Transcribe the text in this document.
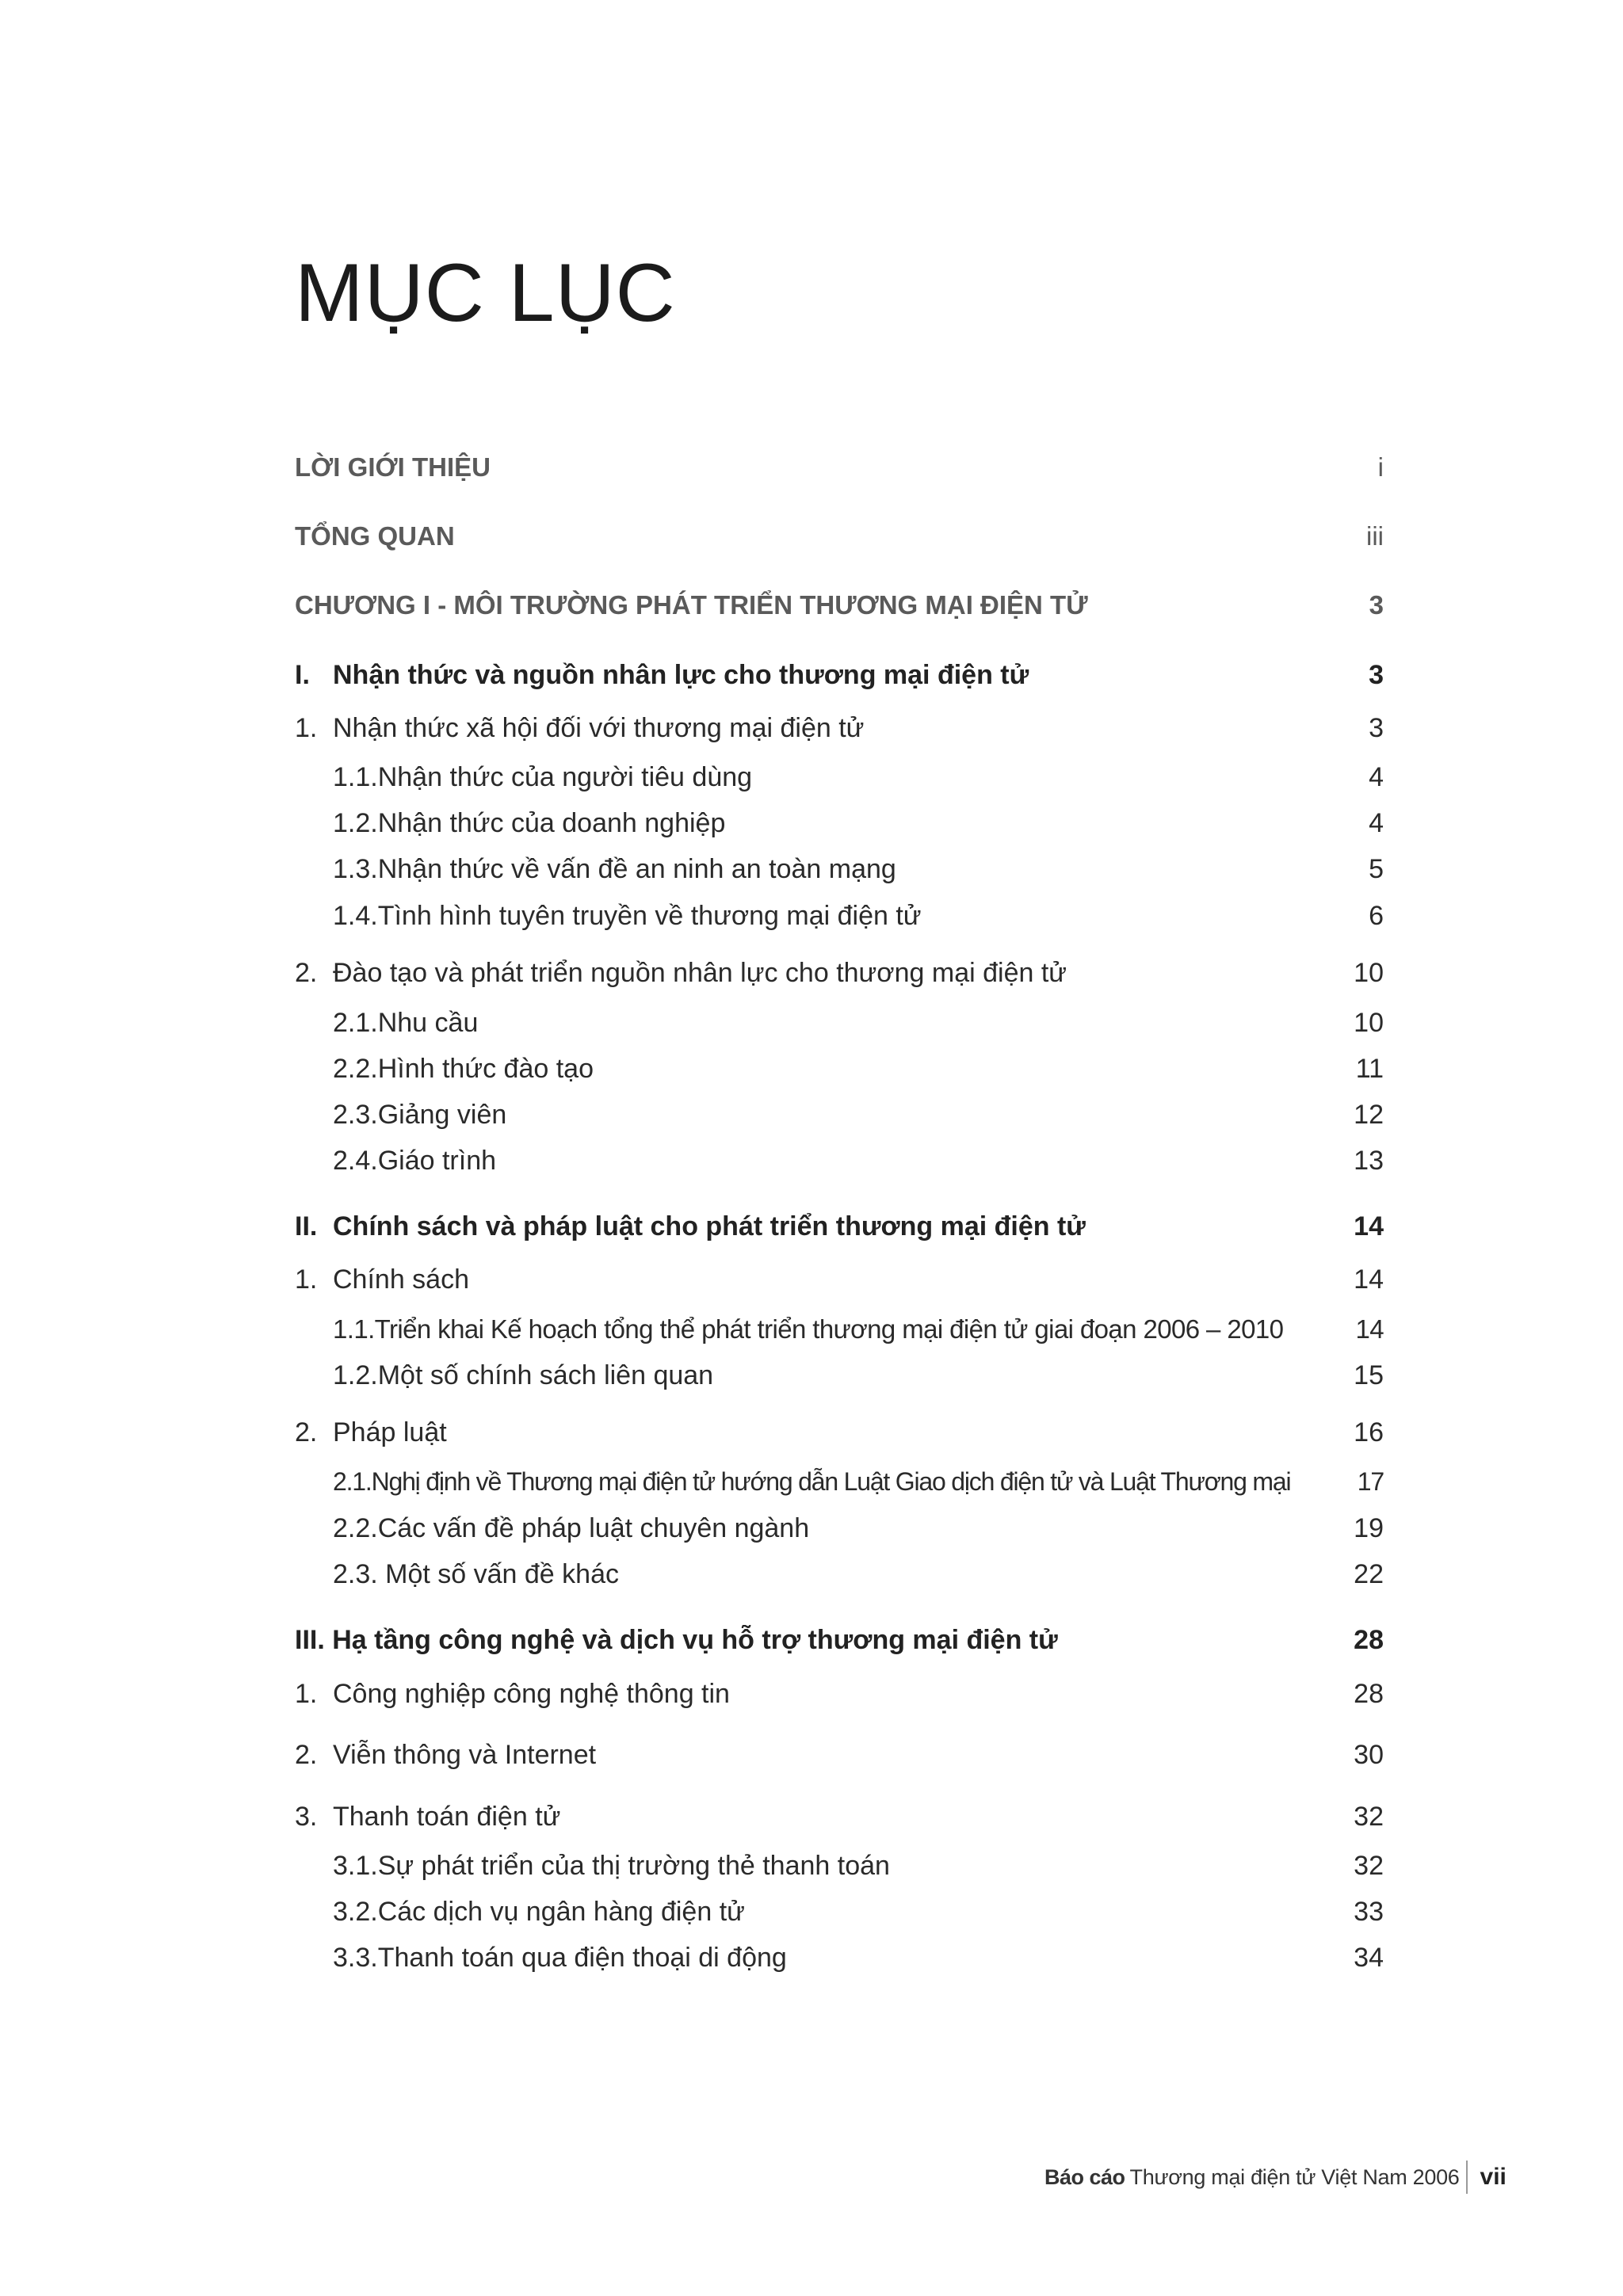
MỤC LỤC
LỜI GIỚI THIỆU	i
TỔNG QUAN	iii
CHƯƠNG I - MÔI TRƯỜNG PHÁT TRIỂN THƯƠNG MẠI ĐIỆN TỬ	3
I. Nhận thức và nguồn nhân lực cho thương mại điện tử	3
1. Nhận thức xã hội đối với thương mại điện tử	3
1.1.Nhận thức của người tiêu dùng	4
1.2.Nhận thức của doanh nghiệp	4
1.3.Nhận thức về vấn đề an ninh an toàn mạng	5
1.4.Tình hình tuyên truyền về thương mại điện tử	6
2. Đào tạo và phát triển nguồn nhân lực cho thương mại điện tử	10
2.1.Nhu cầu	10
2.2.Hình thức đào tạo	11
2.3.Giảng viên	12
2.4.Giáo trình	13
II. Chính sách và pháp luật cho phát triển thương mại điện tử	14
1. Chính sách	14
1.1.Triển khai Kế hoạch tổng thể phát triển thương mại điện tử giai đoạn 2006 – 2010	14
1.2.Một số chính sách liên quan	15
2. Pháp luật	16
2.1.Nghị định về Thương mại điện tử hướng dẫn Luật Giao dịch điện tử và Luật Thương mại	17
2.2.Các vấn đề pháp luật chuyên ngành	19
2.3. Một số vấn đề khác	22
III. Hạ tầng công nghệ và dịch vụ hỗ trợ thương mại điện tử	28
1. Công nghiệp công nghệ thông tin	28
2. Viễn thông và Internet	30
3. Thanh toán điện tử	32
3.1.Sự phát triển của thị trường thẻ thanh toán	32
3.2.Các dịch vụ ngân hàng điện tử	33
3.3.Thanh toán qua điện thoại di động	34
Báo cáo Thương mại điện tử Việt Nam 2006 vii
